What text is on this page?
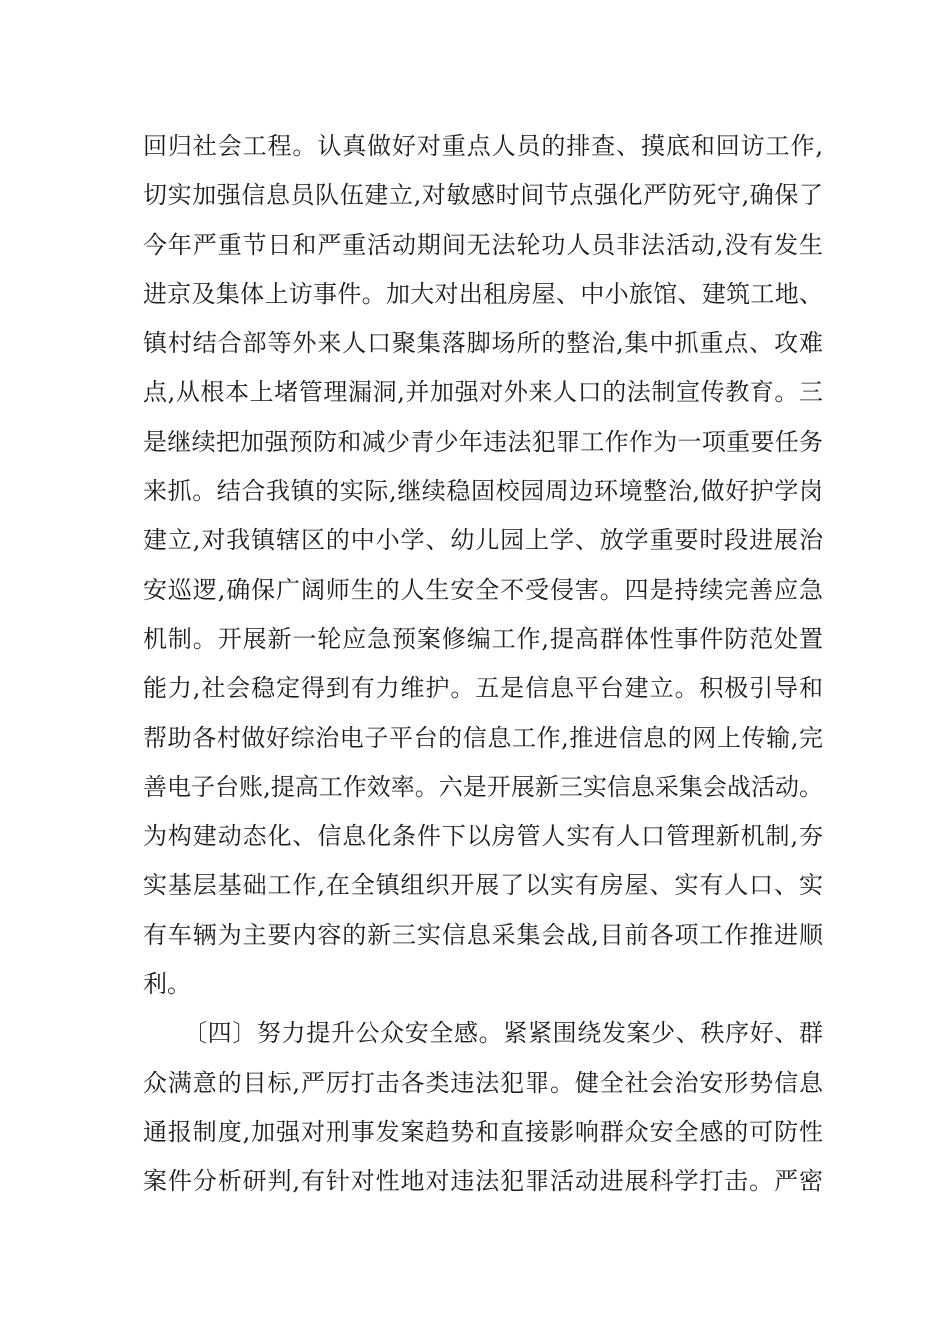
回归社会工程。认真做好对重点人员的排查、摸底和回访工作,
切实加强信息员队伍建立,对敏感时间节点强化严防死守,确保了
今年严重节日和严重活动期间无法轮功人员非法活动,没有发生
进京及集体上访事件。加大对出租房屋、中小旅馆、建筑工地、
镇村结合部等外来人口聚集落脚场所的整治,集中抓重点、攻难
点,从根本上堵管理漏洞,并加强对外来人口的法制宣传教育。三
是继续把加强预防和减少青少年违法犯罪工作作为一项重要任务
来抓。结合我镇的实际,继续稳固校园周边环境整治,做好护学岗
建立,对我镇辖区的中小学、幼儿园上学、放学重要时段进展治
安巡逻,确保广阔师生的人生安全不受侵害。四是持续完善应急
机制。开展新一轮应急预案修编工作,提高群体性事件防范处置
能力,社会稳定得到有力维护。五是信息平台建立。积极引导和
帮助各村做好综治电子平台的信息工作,推进信息的网上传输,完
善电子台账,提高工作效率。六是开展新三实信息采集会战活动。
为构建动态化、信息化条件下以房管人实有人口管理新机制,夯
实基层基础工作,在全镇组织开展了以实有房屋、实有人口、实
有车辆为主要内容的新三实信息采集会战,目前各项工作推进顺
利。
〔四〕努力提升公众安全感。紧紧围绕发案少、秩序好、群
众满意的目标,严厉打击各类违法犯罪。健全社会治安形势信息
通报制度,加强对刑事发案趋势和直接影响群众安全感的可防性
案件分析研判,有针对性地对违法犯罪活动进展科学打击。严密
